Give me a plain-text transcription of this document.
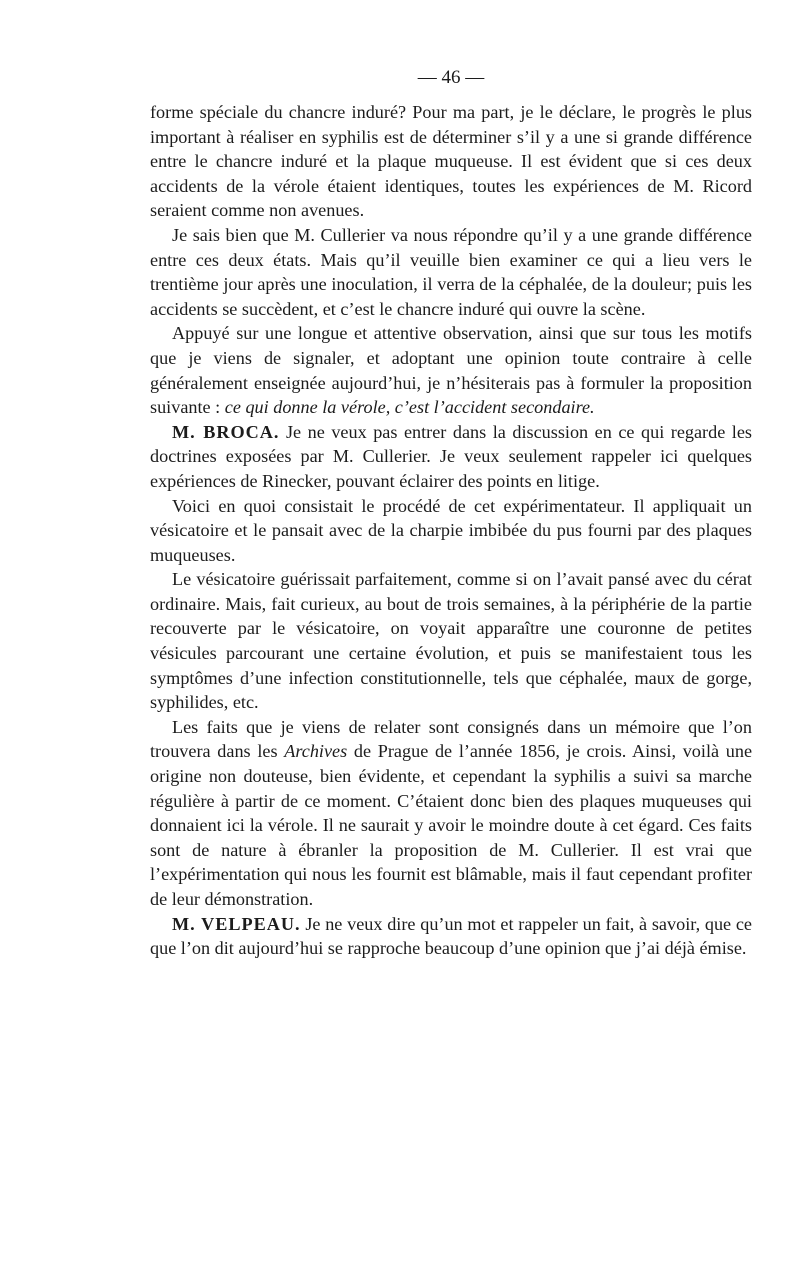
— 46 —

forme spéciale du chancre induré? Pour ma part, je le déclare, le progrès le plus important à réaliser en syphilis est de déterminer s’il y a une si grande différence entre le chancre induré et la plaque muqueuse. Il est évident que si ces deux accidents de la vérole étaient identiques, toutes les expériences de M. Ricord seraient comme non avenues.

Je sais bien que M. Cullerier va nous répondre qu’il y a une grande différence entre ces deux états. Mais qu’il veuille bien examiner ce qui a lieu vers le trentième jour après une inoculation, il verra de la céphalée, de la douleur; puis les accidents se succèdent, et c’est le chancre induré qui ouvre la scène.

Appuyé sur une longue et attentive observation, ainsi que sur tous les motifs que je viens de signaler, et adoptant une opinion toute contraire à celle généralement enseignée aujourd’hui, je n’hésiterais pas à formuler la proposition suivante : ce qui donne la vérole, c’est l’accident secondaire.

M. BROCA. Je ne veux pas entrer dans la discussion en ce qui regarde les doctrines exposées par M. Cullerier. Je veux seulement rappeler ici quelques expériences de Rinecker, pouvant éclairer des points en litige.

Voici en quoi consistait le procédé de cet expérimentateur. Il appliquait un vésicatoire et le pansait avec de la charpie imbibée du pus fourni par des plaques muqueuses.

Le vésicatoire guérissait parfaitement, comme si on l’avait pansé avec du cérat ordinaire. Mais, fait curieux, au bout de trois semaines, à la périphérie de la partie recouverte par le vésicatoire, on voyait apparaître une couronne de petites vésicules parcourant une certaine évolution, et puis se manifestaient tous les symptômes d’une infection constitutionnelle, tels que céphalée, maux de gorge, syphilides, etc.

Les faits que je viens de relater sont consignés dans un mémoire que l’on trouvera dans les Archives de Prague de l’année 1856, je crois. Ainsi, voilà une origine non douteuse, bien évidente, et cependant la syphilis a suivi sa marche régulière à partir de ce moment. C’étaient donc bien des plaques muqueuses qui donnaient ici la vérole. Il ne saurait y avoir le moindre doute à cet égard. Ces faits sont de nature à ébranler la proposition de M. Cullerier. Il est vrai que l’expérimentation qui nous les fournit est blâmable, mais il faut cependant profiter de leur démonstration.

M. VELPEAU. Je ne veux dire qu’un mot et rappeler un fait, à savoir, que ce que l’on dit aujourd’hui se rapproche beaucoup d’une opinion que j’ai déjà émise.
